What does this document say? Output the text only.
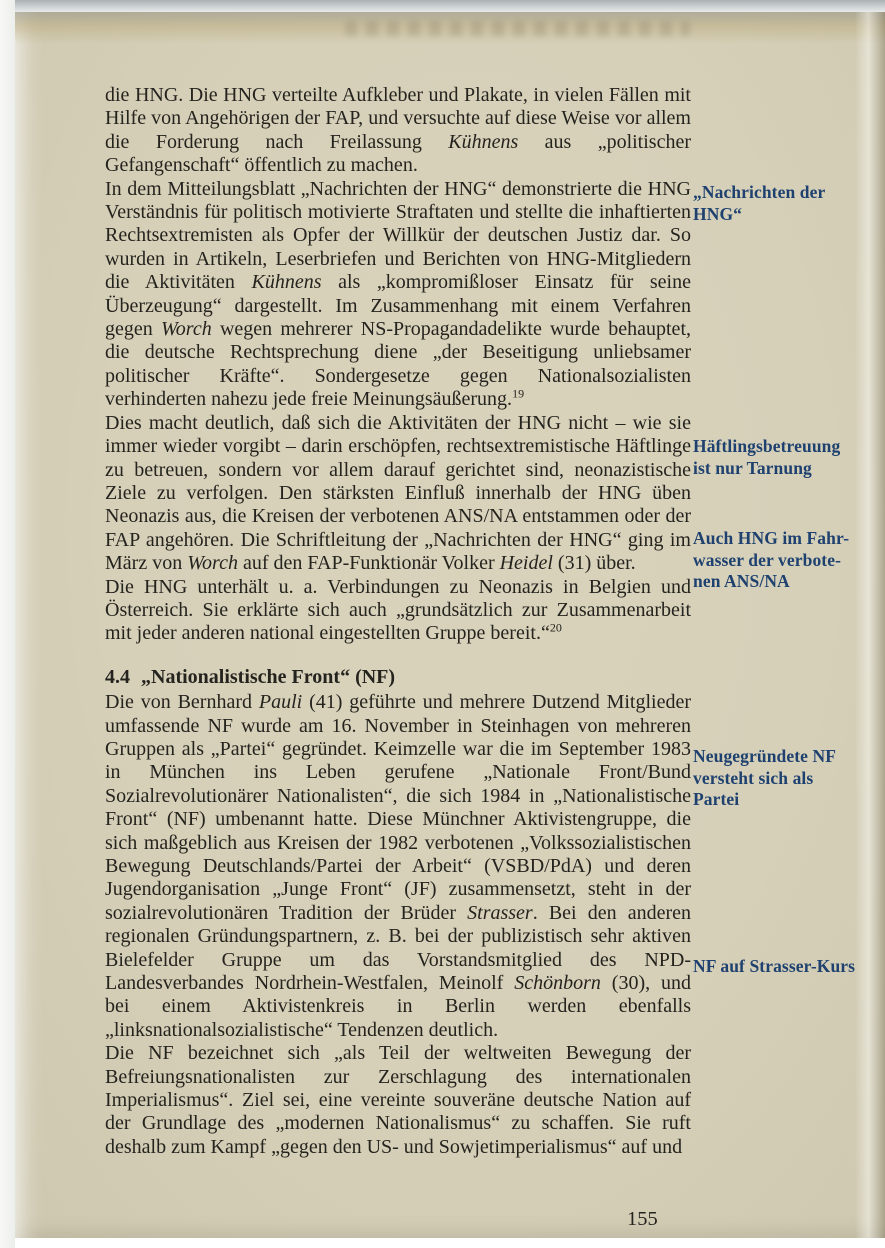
die HNG. Die HNG verteilte Aufkleber und Plakate, in vielen Fällen mit Hilfe von Angehörigen der FAP, und versuchte auf diese Weise vor allem die Forderung nach Freilassung Kühnens aus „politischer Gefangenschaft“ öffentlich zu machen.

In dem Mitteilungsblatt „Nachrichten der HNG“ demonstrierte die HNG Verständnis für politisch motivierte Straftaten und stellte die inhaftierten Rechtsextremisten als Opfer der Willkür der deutschen Justiz dar. So wurden in Artikeln, Leserbriefen und Berichten von HNG-Mitgliedern die Aktivitäten Kühnens als „kompromißloser Einsatz für seine Überzeugung“ dargestellt. Im Zusammenhang mit einem Verfahren gegen Worch wegen mehrerer NS-Propagandadelikte wurde behauptet, die deutsche Rechtsprechung diene „der Beseitigung unliebsamer politischer Kräfte“. Sondergesetze gegen Nationalsozialisten verhinderten nahezu jede freie Meinungsäußerung.$^{19}$

Dies macht deutlich, daß sich die Aktivitäten der HNG nicht – wie sie immer wieder vorgibt – darin erschöpfen, rechtsextremistische Häftlinge zu betreuen, sondern vor allem darauf gerichtet sind, neonazistische Ziele zu verfolgen. Den stärksten Einfluß innerhalb der HNG üben Neonazis aus, die Kreisen der verbotenen ANS/NA entstammen oder der FAP angehören. Die Schriftleitung der „Nachrichten der HNG“ ging im März von Worch auf den FAP-Funktionär Volker Heidel (31) über.

Die HNG unterhält u. a. Verbindungen zu Neonazis in Belgien und Österreich. Sie erklärte sich auch „grundsätzlich zur Zusammenarbeit mit jeder anderen national eingestellten Gruppe bereit.“$^{20}$

4.4 „Nationalistische Front“ (NF)

Die von Bernhard Pauli (41) geführte und mehrere Dutzend Mitglieder umfassende NF wurde am 16. November in Steinhagen von mehreren Gruppen als „Partei“ gegründet. Keimzelle war die im September 1983 in München ins Leben gerufene „Nationale Front/Bund Sozialrevolutionärer Nationalisten“, die sich 1984 in „Nationalistische Front“ (NF) umbenannt hatte. Diese Münchner Aktivistengruppe, die sich maßgeblich aus Kreisen der 1982 verbotenen „Volkssozialistischen Bewegung Deutschlands/Partei der Arbeit“ (VSBD/PdA) und deren Jugendorganisation „Junge Front“ (JF) zusammensetzt, steht in der sozialrevolutionären Tradition der Brüder Strasser. Bei den anderen regionalen Gründungspartnern, z. B. bei der publizistisch sehr aktiven Bielefelder Gruppe um das Vorstandsmitglied des NPD-Landesverbandes Nordrhein-Westfalen, Meinolf Schönborn (30), und bei einem Aktivistenkreis in Berlin werden ebenfalls „linksnationalsozialistische“ Tendenzen deutlich.

Die NF bezeichnet sich „als Teil der weltweiten Bewegung der Befreiungsnationalisten zur Zerschlagung des internationalen Imperialismus“. Ziel sei, eine vereinte souveräne deutsche Nation auf der Grundlage des „modernen Nationalismus“ zu schaffen. Sie ruft deshalb zum Kampf „gegen den US- und Sowjetimperialismus“ auf und

„Nachrichten der
HNG“
Häftlingsbetreuung
ist nur Tarnung
Auch HNG im Fahr-
wasser der verbote-
nen ANS/NA
Neugegründete NF
versteht sich als
Partei
NF auf Strasser-Kurs
155
